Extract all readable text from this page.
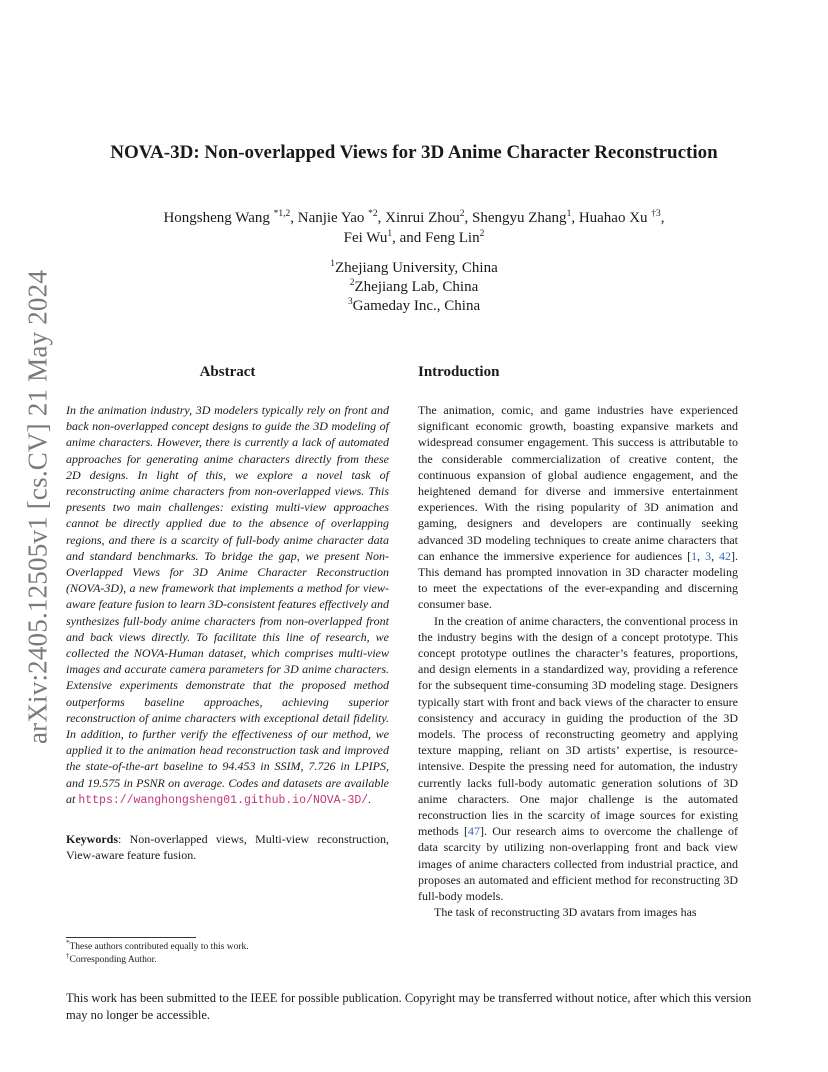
arXiv:2405.12505v1 [cs.CV] 21 May 2024
NOVA-3D: Non-overlapped Views for 3D Anime Character Reconstruction
Hongsheng Wang $^{*1,2}$, Nanjie Yao $^{*2}$, Xinrui Zhou$^2$, Shengyu Zhang$^1$, Huahao Xu $^{\dagger 3}$,
Fei Wu$^1$, and Feng Lin$^2$
$^1$Zhejiang University, China
$^2$Zhejiang Lab, China
$^3$Gameday Inc., China
Abstract

In the animation industry, 3D modelers typically rely on front and back non-overlapped concept designs to guide the 3D modeling of anime characters. However, there is currently a lack of automated approaches for generating anime characters directly from these 2D designs. In light of this, we explore a novel task of reconstructing anime characters from non-overlapped views. This presents two main challenges: existing multi-view approaches cannot be directly applied due to the absence of overlapping regions, and there is a scarcity of full-body anime character data and standard benchmarks. To bridge the gap, we present Non-Overlapped Views for 3D Anime Character Reconstruction (NOVA-3D), a new framework that implements a method for view-aware feature fusion to learn 3D-consistent features effectively and synthesizes full-body anime characters from non-overlapped front and back views directly. To facilitate this line of research, we collected the NOVA-Human dataset, which comprises multi-view images and accurate camera parameters for 3D anime characters. Extensive experiments demonstrate that the proposed method outperforms baseline approaches, achieving superior reconstruction of anime characters with exceptional detail fidelity. In addition, to further verify the effectiveness of our method, we applied it to the animation head reconstruction task and improved the state-of-the-art baseline to 94.453 in SSIM, 7.726 in LPIPS, and 19.575 in PSNR on average. Codes and datasets are available at https://wanghongsheng01.github.io/NOVA-3D/.

Keywords: Non-overlapped views, Multi-view reconstruction, View-aware feature fusion.
Introduction

The animation, comic, and game industries have experienced significant economic growth, boasting expansive markets and widespread consumer engagement. This success is attributable to the considerable commercialization of creative content, the continuous expansion of global audience engagement, and the heightened demand for diverse and immersive entertainment experiences. With the rising popularity of 3D animation and gaming, designers and developers are continually seeking advanced 3D modeling techniques to create anime characters that can enhance the immersive experience for audiences [1, 3, 42]. This demand has prompted innovation in 3D character modeling to meet the expectations of the ever-expanding and discerning consumer base.

In the creation of anime characters, the conventional process in the industry begins with the design of a concept prototype. This concept prototype outlines the character’s features, proportions, and design elements in a standardized way, providing a reference for the subsequent time-consuming 3D modeling stage. Designers typically start with front and back views of the character to ensure consistency and accuracy in guiding the production of the 3D models. The process of reconstructing geometry and applying texture mapping, reliant on 3D artists’ expertise, is resource-intensive. Despite the pressing need for automation, the industry currently lacks full-body automatic generation solutions of 3D anime characters. One major challenge is the automated reconstruction lies in the scarcity of image sources for existing methods [47]. Our research aims to overcome the challenge of data scarcity by utilizing non-overlapping front and back view images of anime characters collected from industrial practice, and proposes an automated and efficient method for reconstructing 3D full-body models.

The task of reconstructing 3D avatars from images has

*These authors contributed equally to this work.
†Corresponding Author.
This work has been submitted to the IEEE for possible publication. Copyright may be transferred without notice, after which this version may no longer be accessible.
